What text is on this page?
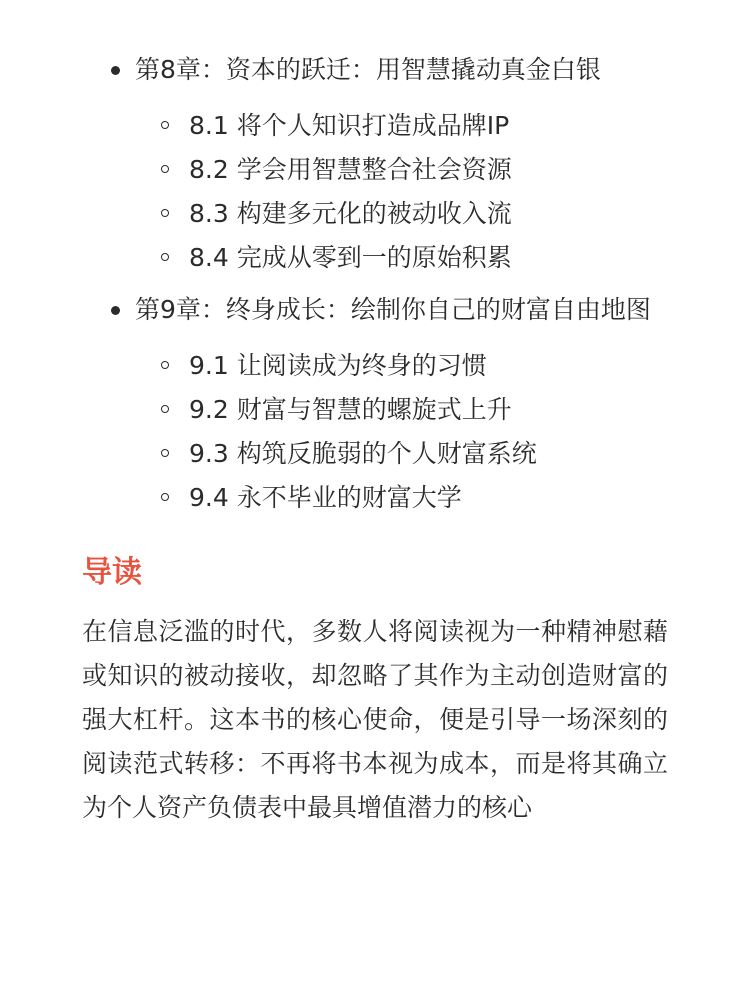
第8章：资本的跃迁：用智慧撬动真金白银
8.1 将个人知识打造成品牌IP
8.2 学会用智慧整合社会资源
8.3 构建多元化的被动收入流
8.4 完成从零到一的原始积累
第9章：终身成长：绘制你自己的财富自由地图
9.1 让阅读成为终身的习惯
9.2 财富与智慧的螺旋式上升
9.3 构筑反脆弱的个人财富系统
9.4 永不毕业的财富大学
导读

在信息泛滥的时代，多数人将阅读视为一种精神慰藉或知识的被动接收，却忽略了其作为主动创造财富的强大杠杆。这本书的核心使命，便是引导一场深刻的阅读范式转移：不再将书本视为成本，而是将其确立为个人资产负债表中最具增值潜力的核心
